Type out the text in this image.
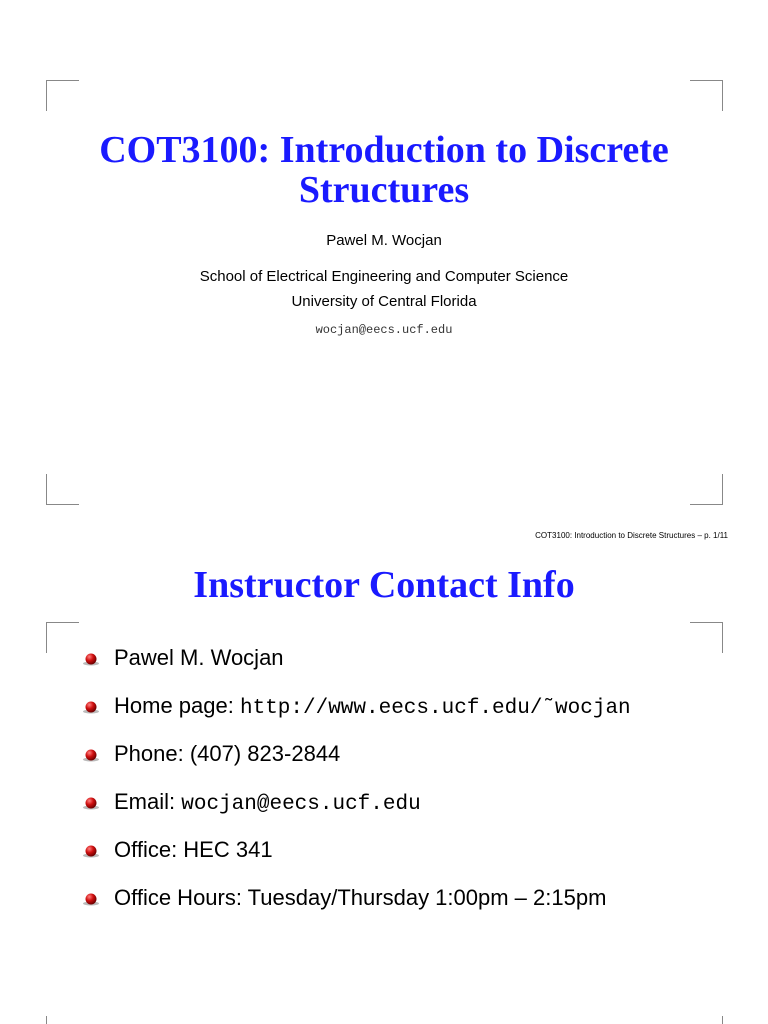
COT3100: Introduction to Discrete
Structures
Pawel M. Wocjan
School of Electrical Engineering and Computer Science
University of Central Florida
wocjan@eecs.ucf.edu
COT3100: Introduction to Discrete Structures – p. 1/11
Instructor Contact Info
Pawel M. Wocjan
Home page: http://www.eecs.ucf.edu/˜wocjan
Phone: (407) 823-2844
Email: wocjan@eecs.ucf.edu
Office: HEC 341
Office Hours: Tuesday/Thursday 1:00pm – 2:15pm
